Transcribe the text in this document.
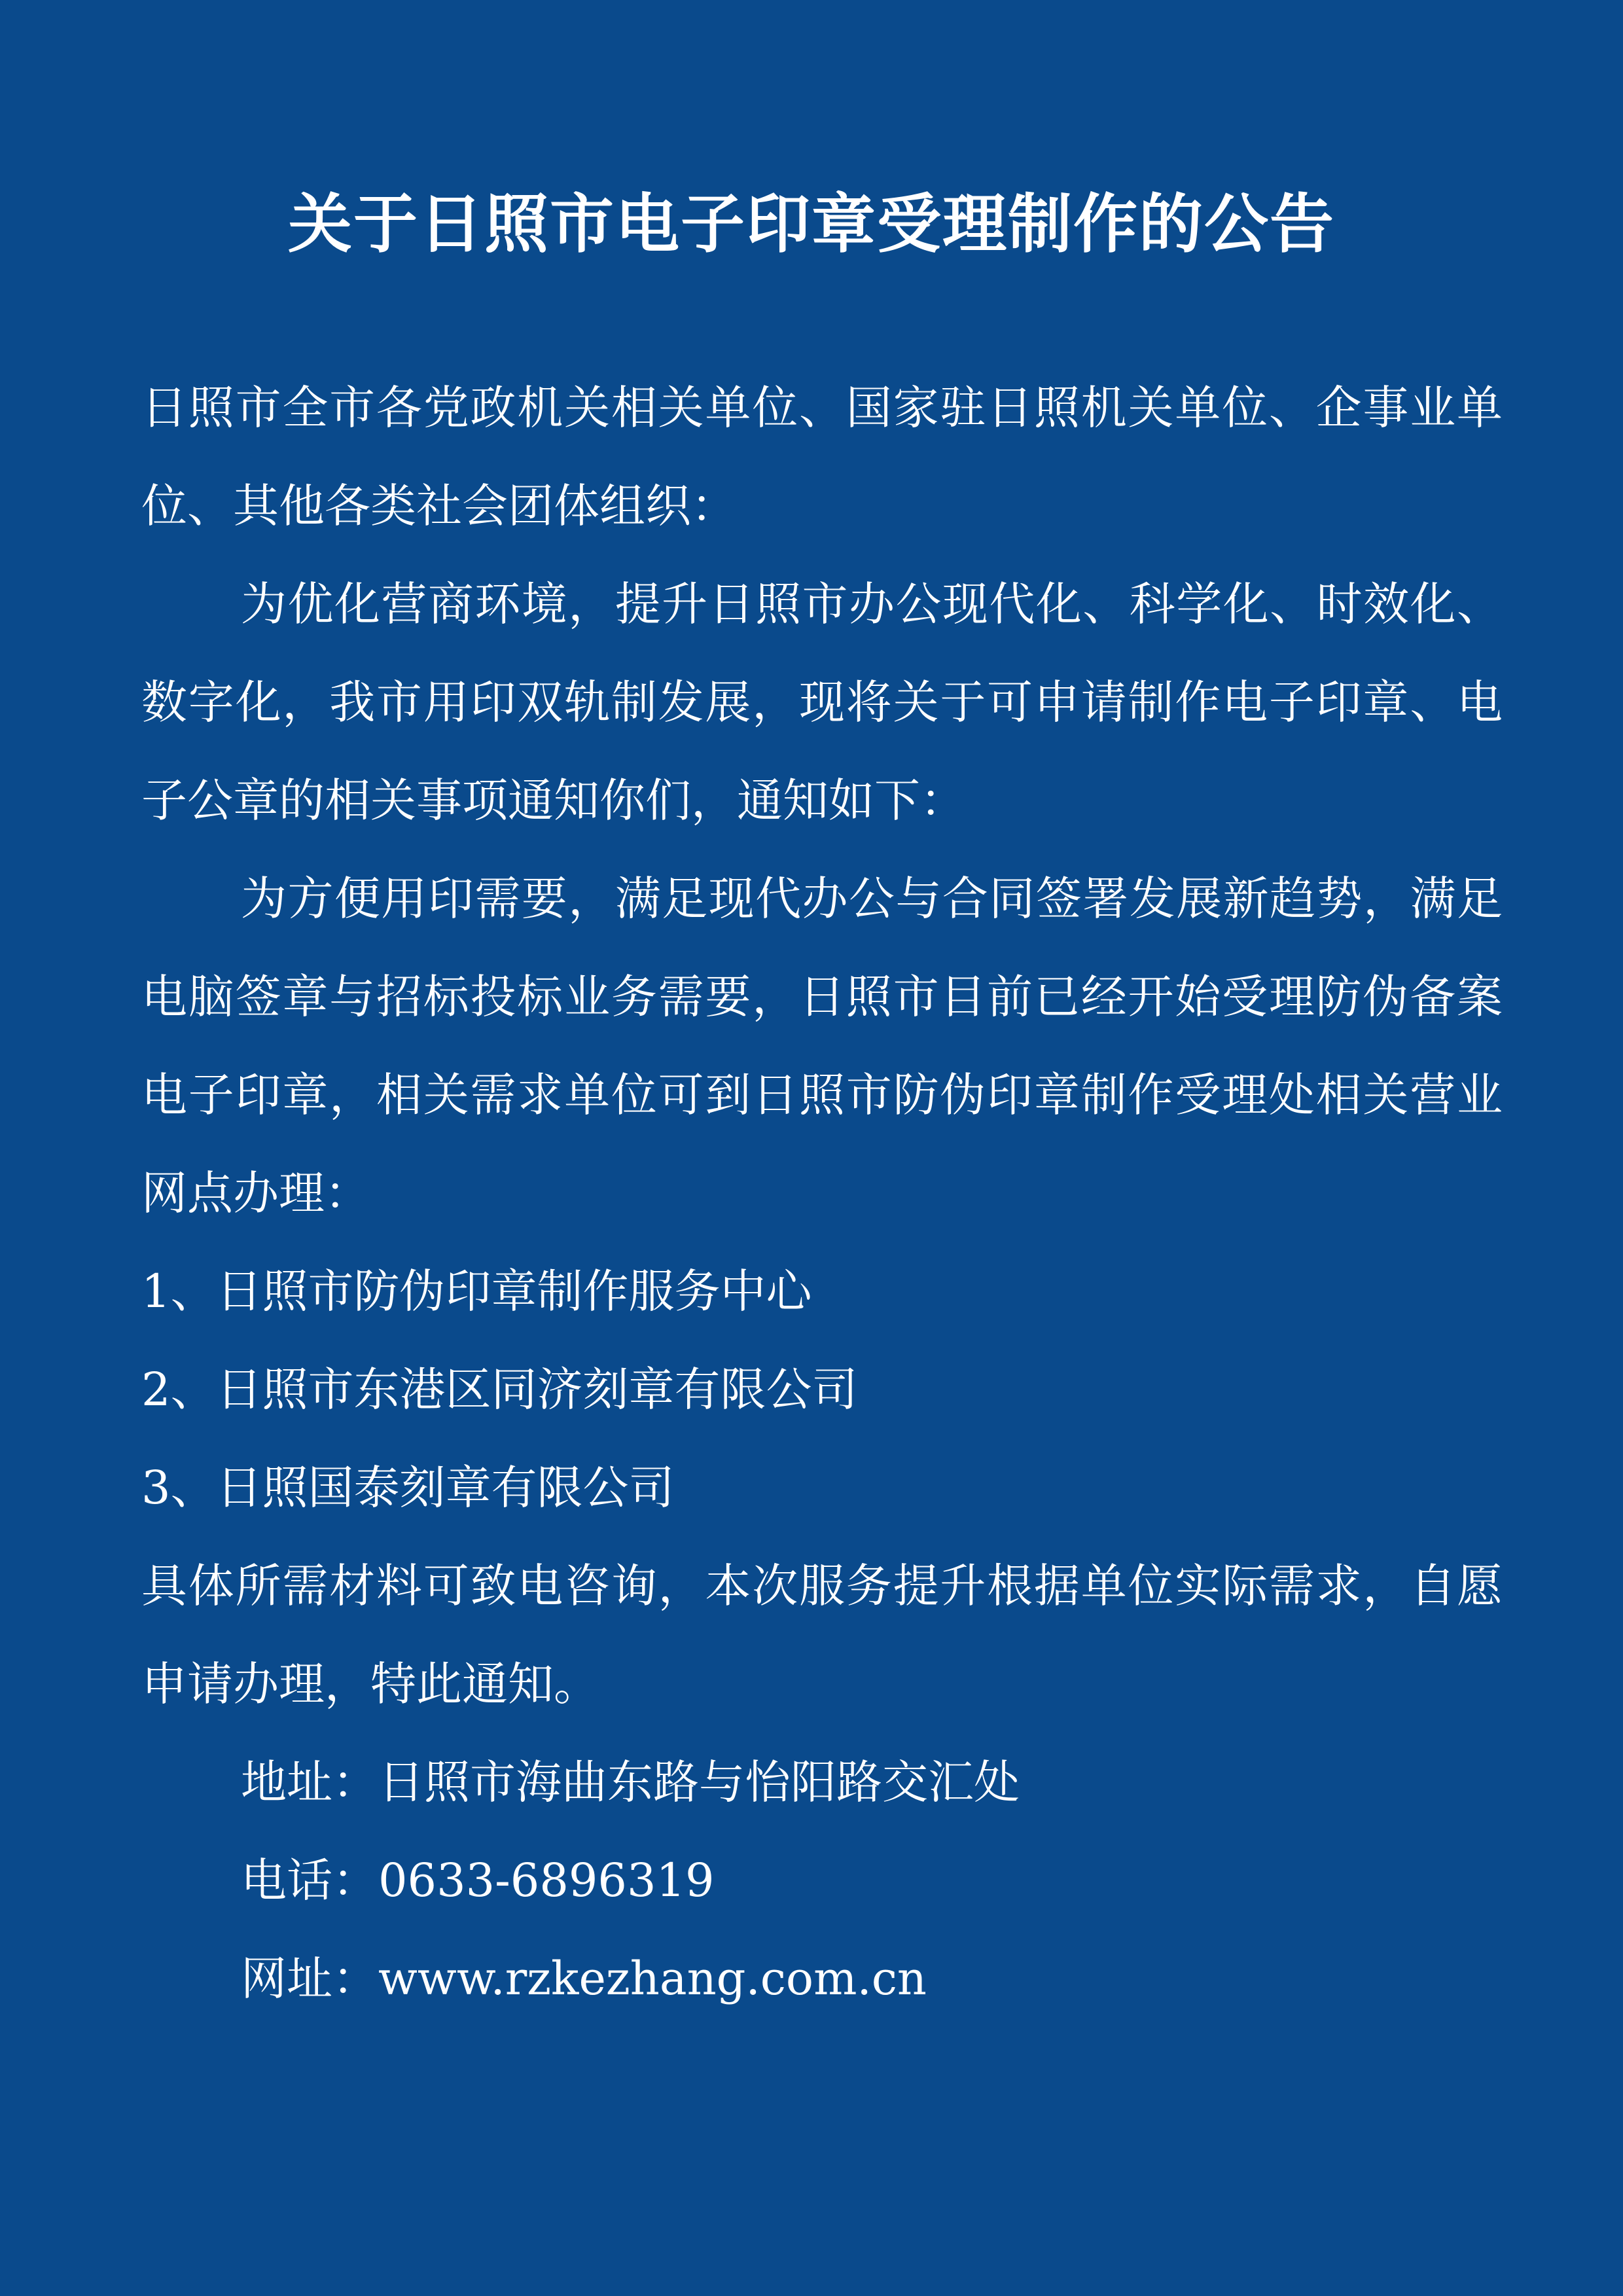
关于日照市电子印章受理制作的公告

日照市全市各党政机关相关单位、国家驻日照机关单位、企事业单位、其他各类社会团体组织：

为优化营商环境，提升日照市办公现代化、科学化、时效化、数字化，我市用印双轨制发展，现将关于可申请制作电子印章、电子公章的相关事项通知你们，通知如下：

为方便用印需要，满足现代办公与合同签署发展新趋势，满足电脑签章与招标投标业务需要，日照市目前已经开始受理防伪备案电子印章，相关需求单位可到日照市防伪印章制作受理处相关营业网点办理：

1、日照市防伪印章制作服务中心

2、日照市东港区同济刻章有限公司

3、日照国泰刻章有限公司

具体所需材料可致电咨询，本次服务提升根据单位实际需求，自愿申请办理，特此通知。

地址：日照市海曲东路与怡阳路交汇处

电话：0633-6896319

网址：www.rzkezhang.com.cn
